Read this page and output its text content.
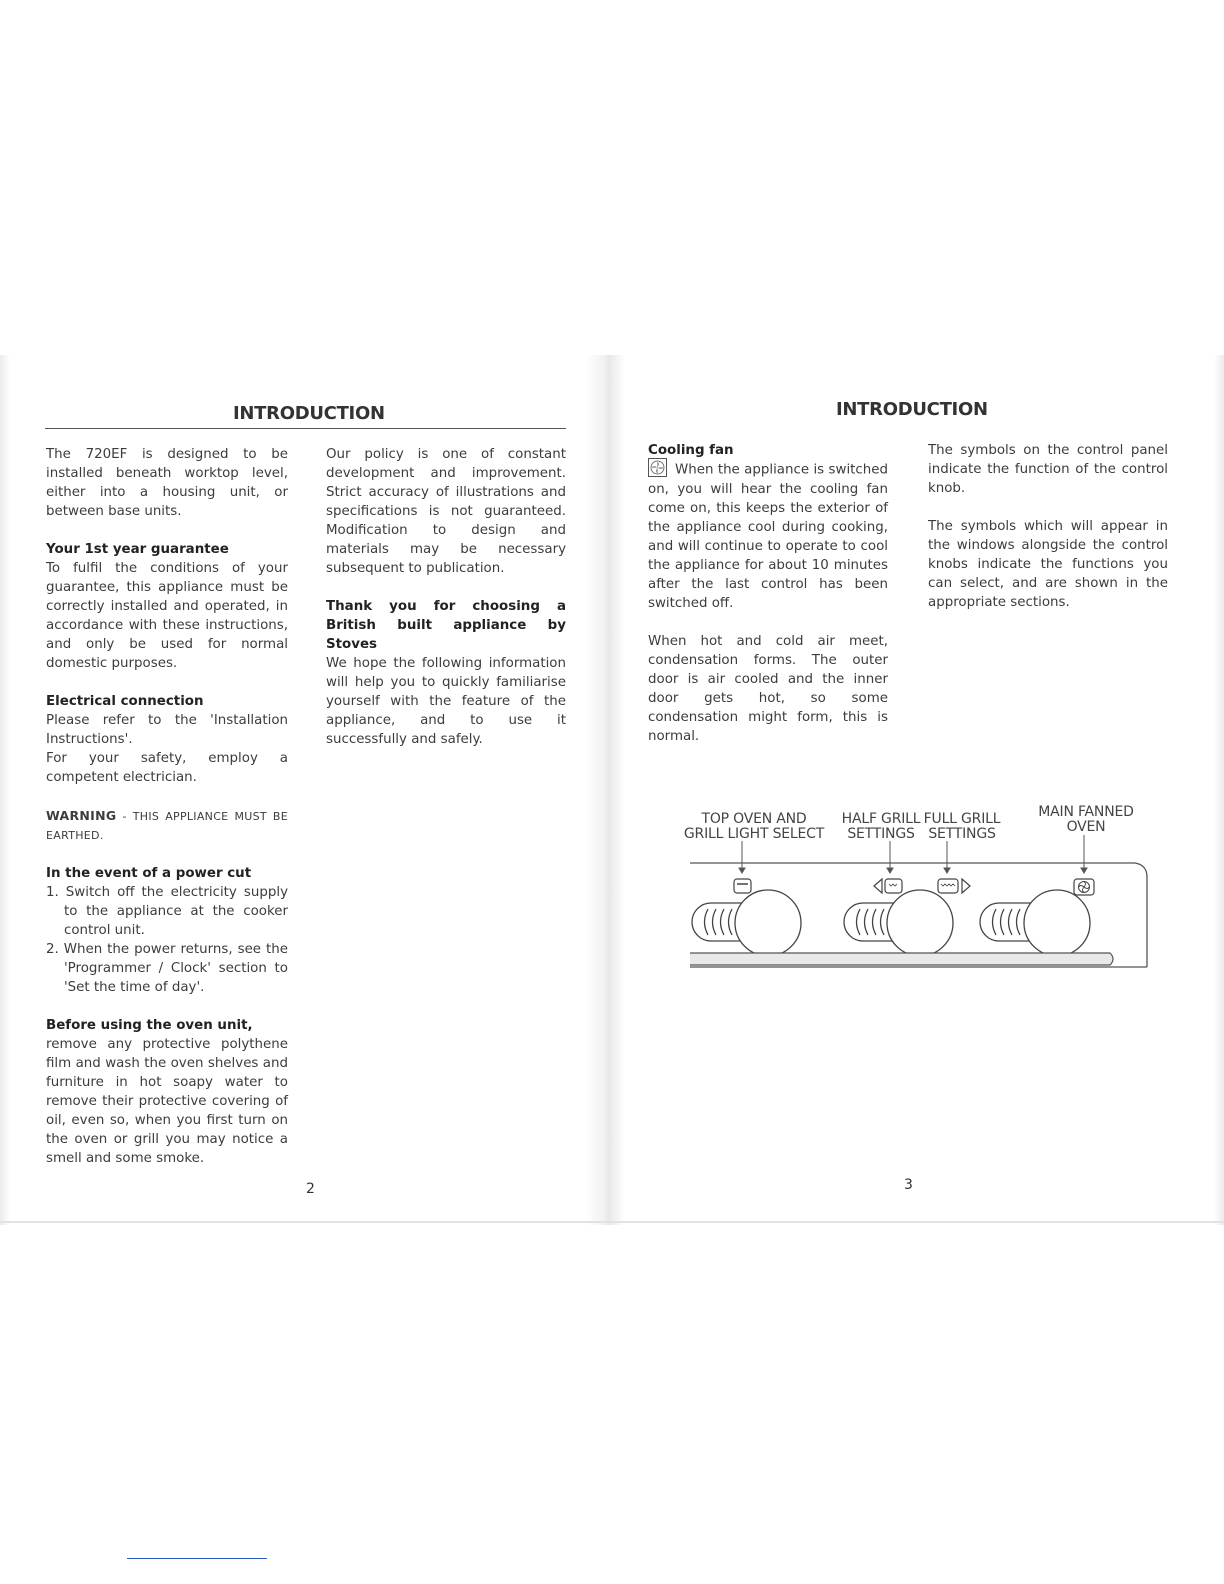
INTRODUCTION

The 720EF is designed to be installed beneath worktop level, either into a housing unit, or between base units.

Your 1st year guarantee
To fulfil the conditions of your guarantee, this appliance must be correctly installed and operated, in accordance with these instructions, and only be used for normal domestic purposes.

Electrical connection
Please refer to the 'Installation Instructions'.
For your safety, employ a competent electrician.

WARNING - THIS APPLIANCE MUST BE EARTHED.

In the event of a power cut
1. Switch off the electricity supply to the appliance at the cooker control unit.
2. When the power returns, see the 'Programmer / Clock' section to 'Set the time of day'.

Before using the oven unit,
remove any protective polythene film and wash the oven shelves and furniture in hot soapy water to remove their protective covering of oil, even so, when you first turn on the oven or grill you may notice a smell and some smoke.

Our policy is one of constant development and improvement. Strict accuracy of illustrations and specifications is not guaranteed. Modification to design and materials may be necessary subsequent to publication.

Thank you for choosing a British built appliance by Stoves
We hope the following information will help you to quickly familiarise yourself with the feature of the appliance, and to use it successfully and safely.

2
INTRODUCTION

Cooling fan
When the appliance is switched on, you will hear the cooling fan come on, this keeps the exterior of the appliance cool during cooking, and will continue to operate to cool the appliance for about 10 minutes after the last control has been switched off.

When hot and cold air meet, condensation forms. The outer door is air cooled and the inner door gets hot, so some condensation might form, this is normal.

The symbols on the control panel indicate the function of the control knob.

The symbols which will appear in the windows alongside the control knobs indicate the functions you can select, and are shown in the appropriate sections.

TOP OVEN AND
GRILL LIGHT SELECT
HALF GRILL
SETTINGS
FULL GRILL
SETTINGS
MAIN FANNED
OVEN
3
